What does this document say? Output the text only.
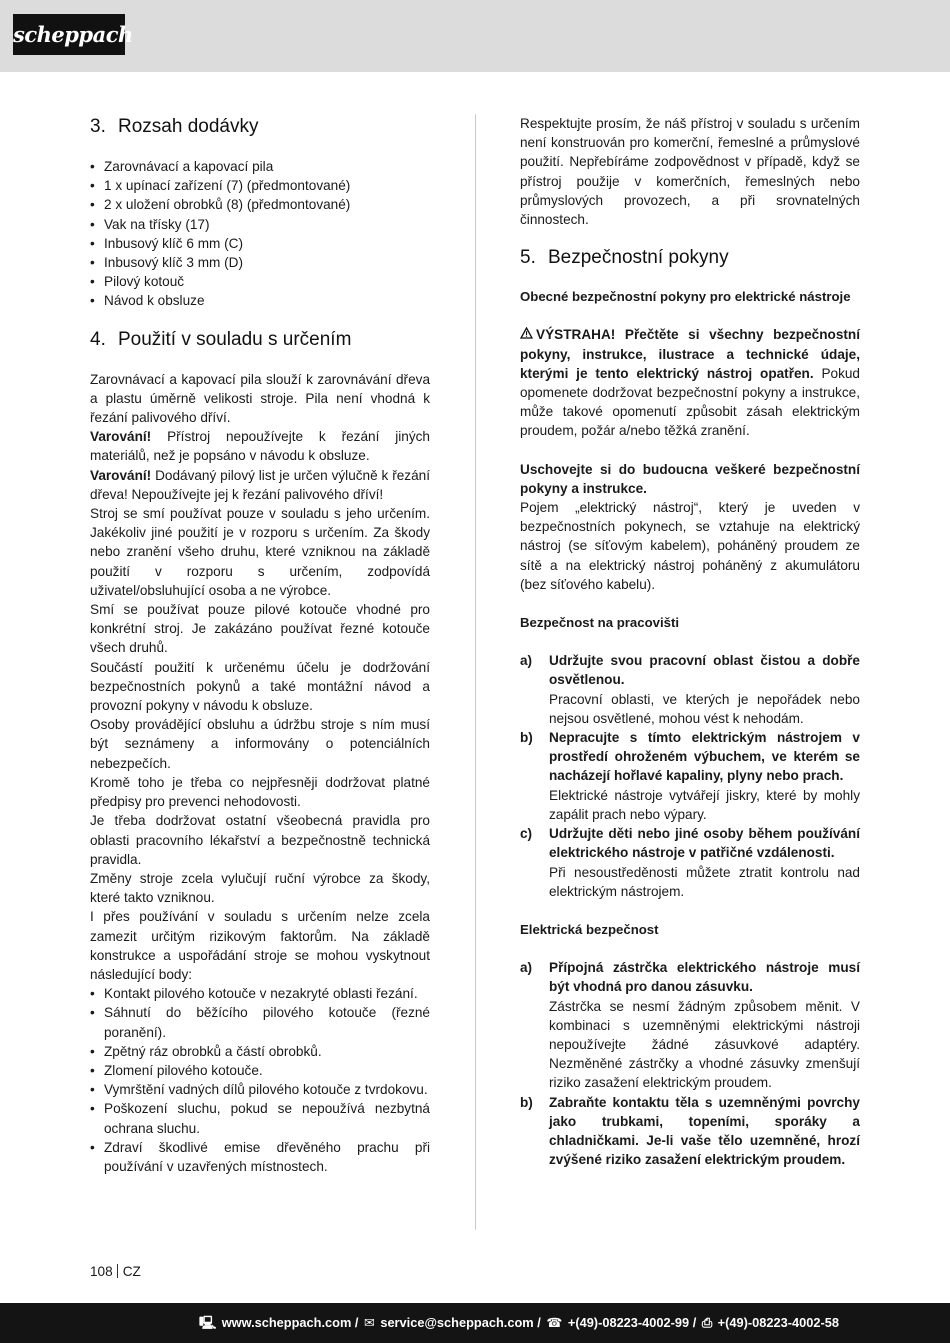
scheppach
3. Rozsah dodávky
• Zarovnávací a kapovací pila
• 1 x upínací zařízení (7) (předmontované)
• 2 x uložení obrobků (8) (předmontované)
• Vak na třísky (17)
• Inbusový klíč 6 mm (C)
• Inbusový klíč 3 mm (D)
• Pilový kotouč
• Návod k obsluze
4. Použití v souladu s určením

Zarovnávací a kapovací pila slouží k zarovnávání dřeva a plastu úměrně velikosti stroje. Pila není vhodná k řezání palivového dříví.

Varování! Přístroj nepoužívejte k řezání jiných materiálů, než je popsáno v návodu k obsluze.

Varování! Dodávaný pilový list je určen výlučně k řezání dřeva! Nepoužívejte jej k řezání palivového dříví!

Stroj se smí používat pouze v souladu s jeho určením. Jakékoliv jiné použití je v rozporu s určením. Za škody nebo zranění všeho druhu, které vzniknou na základě použití v rozporu s určením, zodpovídá uživatel/obsluhující osoba a ne výrobce.

Smí se používat pouze pilové kotouče vhodné pro konkrétní stroj. Je zakázáno používat řezné kotouče všech druhů.

Součástí použití k určenému účelu je dodržování bezpečnostních pokynů a také montážní návod a provozní pokyny v návodu k obsluze.

Osoby provádějící obsluhu a údržbu stroje s ním musí být seznámeny a informovány o potenciálních nebezpečích.

Kromě toho je třeba co nejpřesněji dodržovat platné předpisy pro prevenci nehodovosti.

Je třeba dodržovat ostatní všeobecná pravidla pro oblasti pracovního lékařství a bezpečnostně technická pravidla.

Změny stroje zcela vylučují ruční výrobce za škody, které takto vzniknou.

I přes používání v souladu s určením nelze zcela zamezit určitým rizikovým faktorům. Na základě konstrukce a uspořádání stroje se mohou vyskytnout následující body:

• Kontakt pilového kotouče v nezakryté oblasti řezání.
• Sáhnutí do běžícího pilového kotouče (řezné poranění).
• Zpětný ráz obrobků a částí obrobků.
• Zlomení pilového kotouče.
• Vymrštění vadných dílů pilového kotouče z tvrdokovu.
• Poškození sluchu, pokud se nepoužívá nezbytná ochrana sluchu.
• Zdraví škodlivé emise dřevěného prachu při používání v uzavřených místnostech.

Respektujte prosím, že náš přístroj v souladu s určením není konstruován pro komerční, řemeslné a průmyslové použití. Nepřebíráme zodpovědnost v případě, když se přístroj použije v komerčních, řemeslných nebo průmyslových provozech, a při srovnatelných činnostech.

5. Bezpečnostní pokyny

Obecné bezpečnostní pokyny pro elektrické nástroje

VÝSTRAHA! Přečtěte si všechny bezpečnostní pokyny, instrukce, ilustrace a technické údaje, kterými je tento elektrický nástroj opatřen. Pokud opomenete dodržovat bezpečnostní pokyny a instrukce, může takové opomenutí způsobit zásah elektrickým proudem, požár a/nebo těžká zranění.

Uschovejte si do budoucna veškeré bezpečnostní pokyny a instrukce.

Pojem „elektrický nástroj“, který je uveden v bezpečnostních pokynech, se vztahuje na elektrický nástroj (se síťovým kabelem), poháněný proudem ze sítě a na elektrický nástroj poháněný z akumulátoru (bez síťového kabelu).

Bezpečnost na pracovišti

a)	Udržujte svou pracovní oblast čistou a dobře osvětlenou.
Pracovní oblasti, ve kterých je nepořádek nebo nejsou osvětlené, mohou vést k nehodám.
b)	Nepracujte s tímto elektrickým nástrojem v prostředí ohroženém výbuchem, ve kterém se nacházejí hořlavé kapaliny, plyny nebo prach.
Elektrické nástroje vytvářejí jiskry, které by mohly zapálit prach nebo výpary.
c)	Udržujte děti nebo jiné osoby během používání elektrického nástroje v patřičné vzdálenosti.
Při nesoustředěnosti můžete ztratit kontrolu nad elektrickým nástrojem.

Elektrická bezpečnost

a)	Přípojná zástrčka elektrického nástroje musí být vhodná pro danou zásuvku.
Zástrčka se nesmí žádným způsobem měnit. V kombinaci s uzemněnými elektrickými nástroji nepoužívejte žádné zásuvkové adaptéry. Nezměněné zástrčky a vhodné zásuvky zmenšují riziko zasažení elektrickým proudem.
b)	Zabraňte kontaktu těla s uzemněnými povrchy jako trubkami, topeními, sporáky a chladničkami. Je-li vaše tělo uzemněné, hrozí zvýšené riziko zasažení elektrickým proudem.
108 CZ
🖳 www.scheppach.com / ✉ service@scheppach.com / ☎ +(49)-08223-4002-99 / ⎙ +(49)-08223-4002-58
